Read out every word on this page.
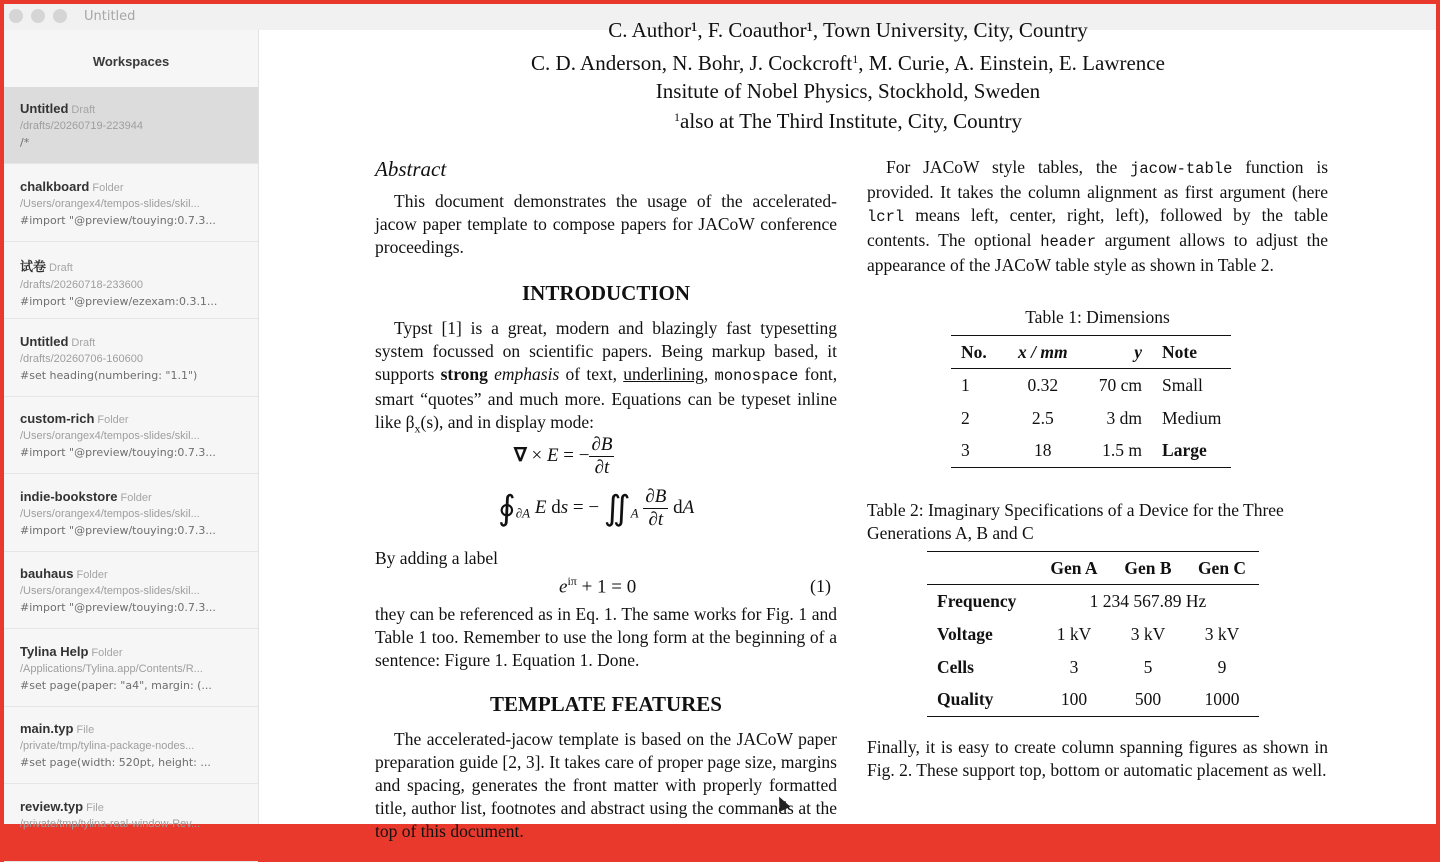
Untitled
Workspaces
Untitled Draft
/drafts/20260719-223944
/*
chalkboard Folder
/Users/orangex4/tempos-slides/skil...
#import "@preview/touying:0.7.3...
试卷 Draft
/drafts/20260718-233600
#import "@preview/ezexam:0.3.1...
Untitled Draft
/drafts/20260706-160600
#set heading(numbering: "1.1")
custom-rich Folder
/Users/orangex4/tempos-slides/skil...
#import "@preview/touying:0.7.3...
indie-bookstore Folder
/Users/orangex4/tempos-slides/skil...
#import "@preview/touying:0.7.3...
bauhaus Folder
/Users/orangex4/tempos-slides/skil...
#import "@preview/touying:0.7.3...
Tylina Help Folder
/Applications/Tylina.app/Contents/R...
#set page(paper: "a4", margin: (...
main.typ File
/private/tmp/tylina-package-nodes...
#set page(width: 520pt, height: ...
review.typ File
/private/tmp/tylina-real-window-Rev...
C. Author¹, F. Coauthor¹, Town University, City, Country
C. D. Anderson, N. Bohr, J. Cockcroft$^1$, M. Curie, A. Einstein, E. Lawrence
Insitute of Nobel Physics, Stockhold, Sweden
$^1$also at The Third Institute, City, Country
Abstract

This document demonstrates the usage of the accelerated-jacow paper template to compose papers for JACoW conference proceedings.

INTRODUCTION

Typst [1] is a great, modern and blazingly fast typesetting system focussed on scientific papers. Being markup based, it supports strong emphasis of text, underlining, monospace font, smart “quotes” and much more. Equations can be typeset inline like $\beta_x(s)$, and in display mode:

∇ × E = − $\frac{\partial B}{\partial t}$
$∮_{\partial A}$ E ds = − $∬_A \frac{\partial B}{\partial t}$ dA
By adding a label
$e^{i\pi} + 1 = 0$	(1)

they can be referenced as in Eq. 1. The same works for Fig. 1 and Table 1 too. Remember to use the long form at the beginning of a sentence: Figure 1. Equation 1. Done.

TEMPLATE FEATURES

The accelerated-jacow template is based on the JACoW paper preparation guide [2, 3]. It takes care of proper page size, margins and spacing, generates the front matter with properly formatted title, author list, footnotes and abstract using the commands at the top of this document.

For JACoW style tables, the jacow-table function is provided. It takes the column alignment as first argument (here lcrl means left, center, right, left), followed by the table contents. The optional header argument allows to adjust the appearance of the JACoW table style as shown in Table 2.

Table 1: Dimensions
No.	x / mm	y	Note
1	0.32	70 cm	Small
2	2.5	3 dm	Medium
3	18	1.5 m	Large
Table 2: Imaginary Specifications of a Device for the Three Generations A, B and C
	Gen A	Gen B	Gen C
Frequency	1 234 567.89 Hz		
Voltage	1 kV	3 kV	3 kV
Cells	3	5	9
Quality	100	500	1000

Finally, it is easy to create column spanning figures as shown in Fig. 2. These support top, bottom or automatic placement as well.
